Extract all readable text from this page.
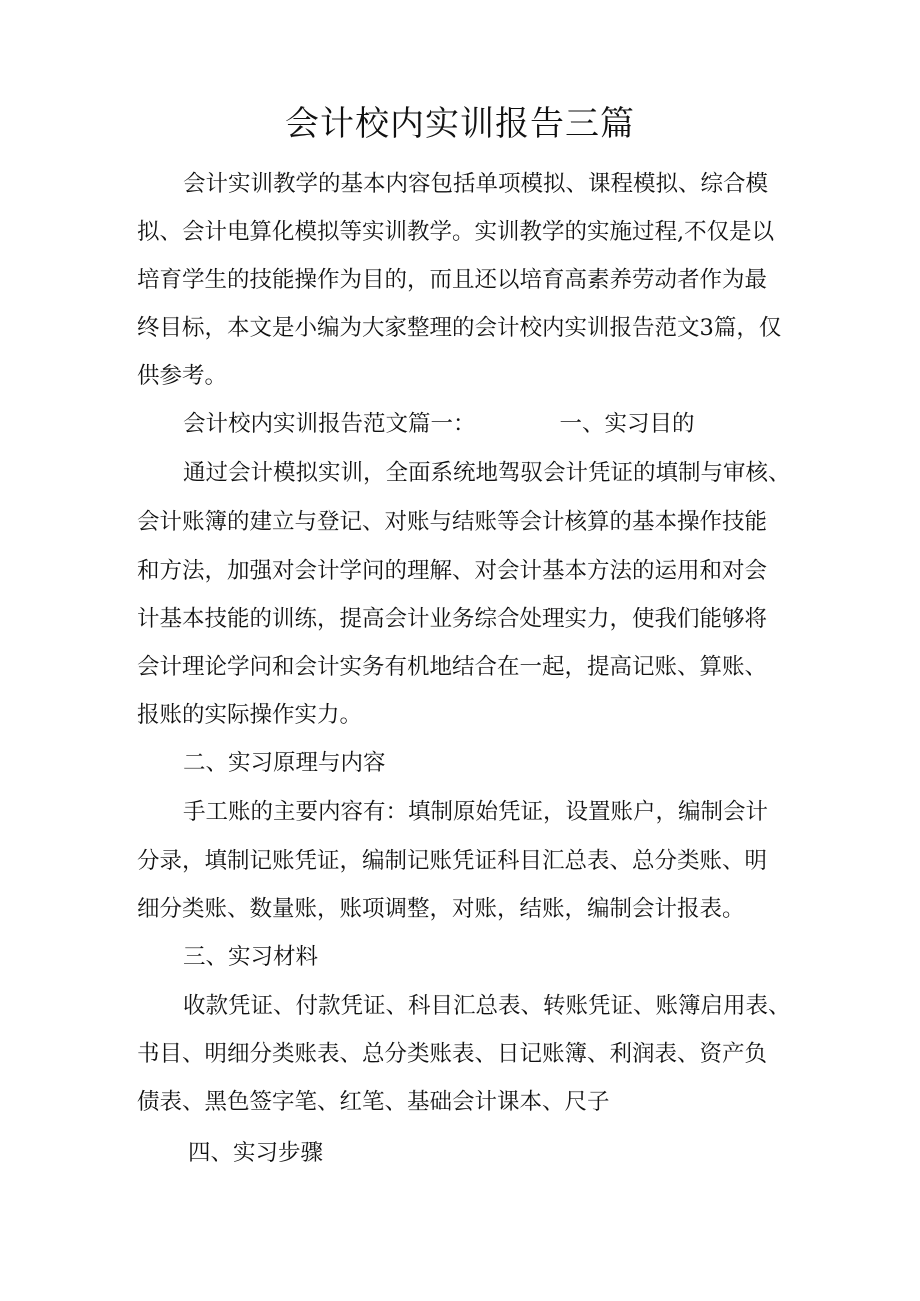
会计校内实训报告三篇
会计实训教学的基本内容包括单项模拟、课程模拟、综合模
拟、会计电算化模拟等实训教学。实训教学的实施过程,不仅是以
培育学生的技能操作为目的，而且还以培育高素养劳动者作为最
终目标，本文是小编为大家整理的会计校内实训报告范文3篇，仅
供参考。
会计校内实训报告范文篇一：	一、实习目的
通过会计模拟实训，全面系统地驾驭会计凭证的填制与审核、
会计账簿的建立与登记、对账与结账等会计核算的基本操作技能
和方法，加强对会计学问的理解、对会计基本方法的运用和对会
计基本技能的训练，提高会计业务综合处理实力，使我们能够将
会计理论学问和会计实务有机地结合在一起，提高记账、算账、
报账的实际操作实力。
二、实习原理与内容
手工账的主要内容有：填制原始凭证，设置账户，编制会计
分录，填制记账凭证，编制记账凭证科目汇总表、总分类账、明
细分类账、数量账，账项调整，对账，结账，编制会计报表。
三、实习材料
收款凭证、付款凭证、科目汇总表、转账凭证、账簿启用表、
书目、明细分类账表、总分类账表、日记账簿、利润表、资产负
债表、黑色签字笔、红笔、基础会计课本、尺子
四、实习步骤
